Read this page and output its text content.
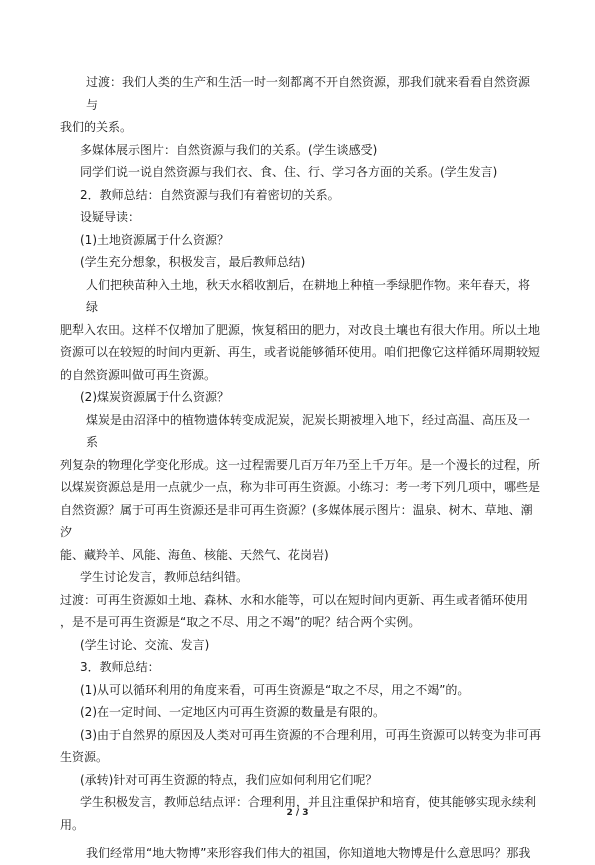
过渡：我们人类的生产和生活一时一刻都离不开自然资源，那我们就来看看自然资源与

我们的关系。

多媒体展示图片：自然资源与我们的关系。(学生谈感受)

同学们说一说自然资源与我们衣、食、住、行、学习各方面的关系。(学生发言)

2．教师总结：自然资源与我们有着密切的关系。

设疑导读：

(1)土地资源属于什么资源？

(学生充分想象，积极发言，最后教师总结)

人们把秧苗种入土地，秋天水稻收割后，在耕地上种植一季绿肥作物。来年春天，将绿

肥犁入农田。这样不仅增加了肥源，恢复稻田的肥力，对改良土壤也有很大作用。所以土地

资源可以在较短的时间内更新、再生，或者说能够循环使用。咱们把像它这样循环周期较短

的自然资源叫做可再生资源。

(2)煤炭资源属于什么资源？

煤炭是由沼泽中的植物遗体转变成泥炭，泥炭长期被埋入地下，经过高温、高压及一系

列复杂的物理化学变化形成。这一过程需要几百万年乃至上千万年。是一个漫长的过程，所

以煤炭资源总是用一点就少一点，称为非可再生资源。小练习：考一考下列几项中，哪些是

自然资源？属于可再生资源还是非可再生资源？(多媒体展示图片：温泉、树木、草地、潮汐

能、藏羚羊、风能、海鱼、核能、天然气、花岗岩)

学生讨论发言，教师总结纠错。

过渡：可再生资源如土地、森林、水和水能等，可以在短时间内更新、再生或者循环使用

，是不是可再生资源是“取之不尽、用之不竭”的呢？结合两个实例。

(学生讨论、交流、发言)

3．教师总结：

(1)从可以循环利用的角度来看，可再生资源是“取之不尽，用之不竭”的。

(2)在一定时间、一定地区内可再生资源的数量是有限的。

(3)由于自然界的原因及人类对可再生资源的不合理利用，可再生资源可以转变为非可再

生资源。

(承转)针对可再生资源的特点，我们应如何利用它们呢？

学生积极发言，教师总结点评：合理利用，并且注重保护和培育，使其能够实现永续利

用。

我们经常用“地大物博”来形容我们伟大的祖国，你知道地大物博是什么意思吗？那我

2 / 3
